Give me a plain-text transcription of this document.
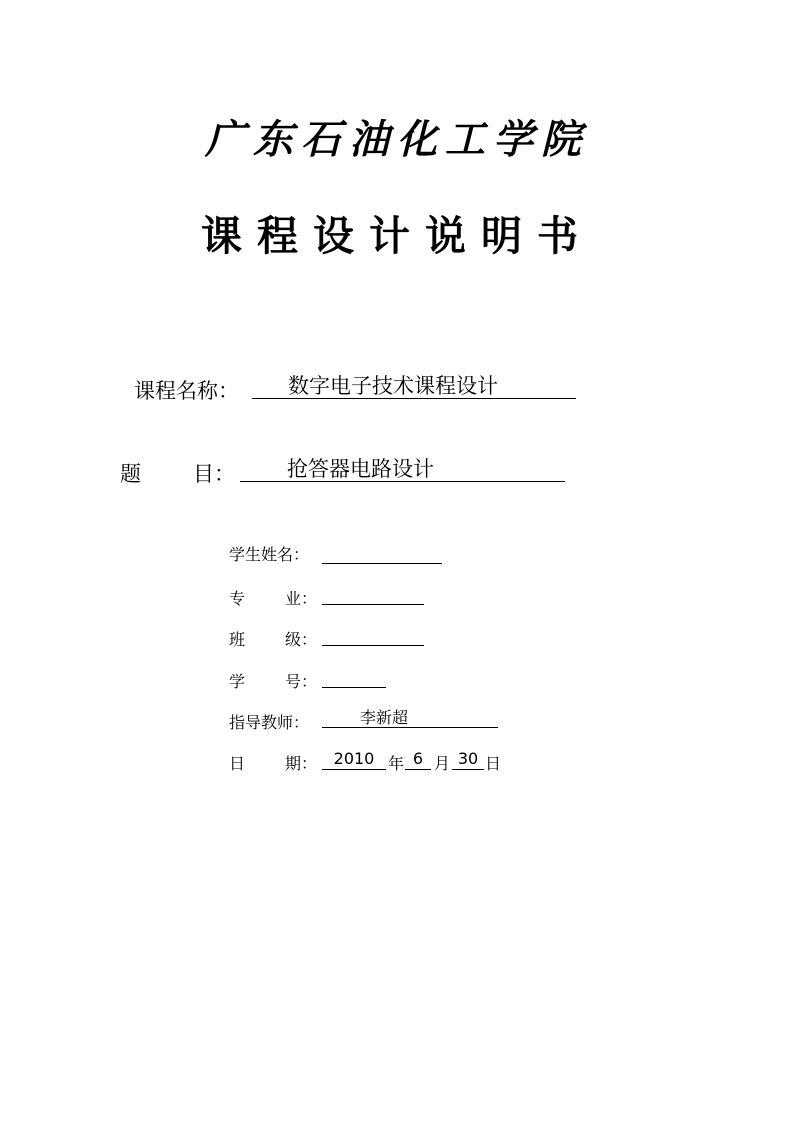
广东石油化工学院
课程设计说明书
课程名称：	数字电子技术课程设计
题 目：	抢答器电路设计
学生姓名：
专 业：
班 级：
学 号：
指导教师：	李新超
日 期：	2010 年 6 月 30 日
